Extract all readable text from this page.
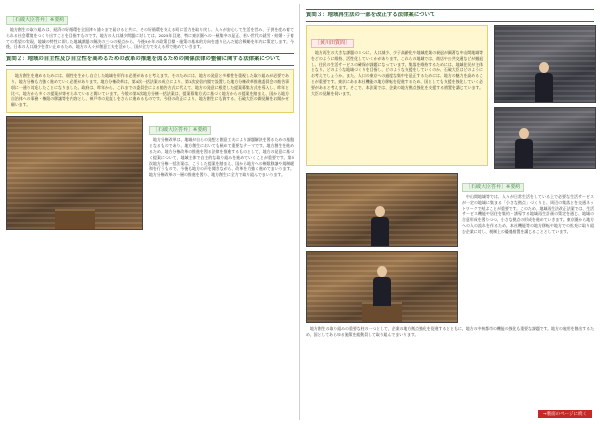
［石破大臣答弁］※要約

地方創生の取り組みは、経済の好循環を全国津々浦々まで届けると共に、その好循環を支える町に活力を取り戻し、人々が安心して生活を営み、子供を産み育てられる社会環境をつくり出すことを目指すものです。地方の人口減少問題に対しては、2025年目途、特に東京圏への一極集中の是正、若い世代の就労・結婚・子育ての希望の実現、地域の特性に即した地域課題の解決の三つの視点から、今後5か年の政策目標・施策の基本的方向を盛り込んだ総合戦略を年内に策定します。今後、日本の人口減少を食い止めるため、地方の人々が創意工夫を活かし、国が全力で支える形で進めていきます。

質問２：地域の自主性及び自立性を高めるための改革の推進を図るための関係法律の整備に関する法律案について

地方創生を進めるためには、個性を生かし自立した地域を形作る必要があると考えます。そのためには、地方の発意と多様性を重視した取り組みが必要であり、地方分権も力強く進めていく必要があります。地方分権改革は、第4次一括法案の成立により、第1次安倍内閣で設置した地方分権改革推進委員会の勧告事項に一通り対応したことになりました。政府は、昨年から、これまでの委員会による勧告方式に代えて、地方の発意に根差した提案募集方式を導入し、昨年と比べ、地方から多くの提案が寄せられていると聞いています。今般の第5次地方分権一括法案は、提案募集方式に基づく地方からの提案を踏まえ、国から地方自治体への事務・権限の移譲等を内容とし、神戸市の見直しをさらに進めるものです。今回の改正により、地方創生にも資する、石破大臣の御見解をお聞かせ願います。

［石破大臣答弁］※要約

地方分権改革は、地域が自らの発想と創意工夫により課題解決を図るための基盤となるものであり、地方創生においても極めて重要なテーマです。地方創生を進めるため、地方分権改革の推進を図る法律を推進するものとして、地方の発意に基づく提案について、地域主体で自主的な取り組みを進めていくことが重要です。第5次地方分権一括法案は、こうした提案を踏まえ、国から地方への権限移譲や規制緩和を行うもので、今後も地方の声を聞きながら、改革を力強く進めてまいります。地方分権改革の一層の推進を図り、地方創生に全力で取り組んでまいります。

質問３：地域再生法の一部を改正する法律案について
［黄川田質問］

地方再生の大きな課題の１つに、人口減少、少子高齢化や地域産業の衰退が顕著な中山間地域等をどのように維持、活性化していくかがあります。これらの地域では、商店や公共交通などが撤退し、住民の生活サービスの確保が課題になっています。集落を維持するためには、地域住民が主体となり、どのような地域づくりを目指し、どのような支援をしていくのか、石破大臣はどのようにお考えでしょうか。また、人口の東京への過度な集中を是正するためには、地方の魅力を高めることが重要です。東京にある本社機能の地方移転を促進するため、国としても支援を強化していく必要があると考えます。そこで、本法案では、企業の地方拠点強化を支援する措置を講じています。大臣の見解を伺います。

［石破大臣答弁］※要約

中山間地域等では、人々が日常生活をしている上で必要な生活サービスが一定の地域に集まる「小さな拠点」づくりと、周辺の集落とを交通ネットワークで結ぶことが重要です。このため、地域再生法改正法案では、生活サービス機能や居住を集約・誘導する地域再生計画の策定を通じ、地域の合意形成を図りつつ、小さな拠点の形成を進めていきます。東京圏から地方への人の流れを作るため、本社機能等の地方移転や地方での拡充に取り組む企業に対し、税制上の優遇措置を講じることとしています。

地方創生の取り組みの重要な柱の一つとして、企業の地方拠点強化を促進するとともに、地方の中核都市の機能の強化も重要な課題です。地方の雇用を創出するため、国としてあらゆる施策を総動員して取り組んでまいります。

→裏面のページに続く
